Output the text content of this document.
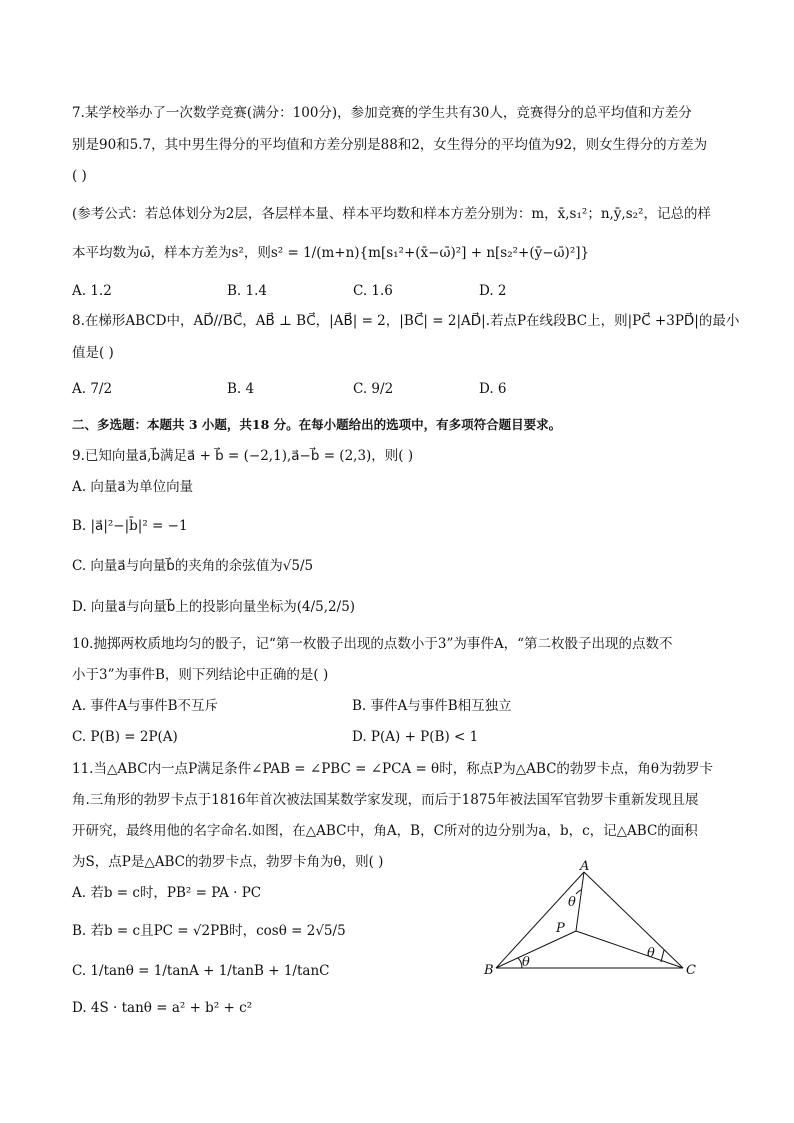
7.某学校举办了一次数学竞赛(满分：100分)，参加竞赛的学生共有30人，竞赛得分的总平均值和方差分
别是90和5.7，其中男生得分的平均值和方差分别是88和2，女生得分的平均值为92，则女生得分的方差为
( )
(参考公式：若总体划分为2层，各层样本量、样本平均数和样本方差分别为：m，x̄,s₁²；n,ȳ,s₂²，记总的样
本平均数为ω̄，样本方差为s²，则s² = 1/(m+n){m[s₁²+(x̄−ω̄)²] + n[s₂²+(ȳ−ω̄)²]}
A. 1.2	B. 1.4	C. 1.6	D. 2
8.在梯形ABCD中，AD⃗//BC⃗，AB⃗ ⊥ BC⃗，|AB⃗| = 2，|BC⃗| = 2|AD⃗|.若点P在线段BC上，则|PC⃗ +3PD⃗|的最小
值是( )
A. 7/2	B. 4	C. 9/2	D. 6
二、多选题：本题共 3 小题，共18 分。在每小题给出的选项中，有多项符合题目要求。
9.已知向量a⃗,b⃗满足a⃗ + b⃗ = (−2,1),a⃗−b⃗ = (2,3)，则( )
A. 向量a⃗为单位向量
B. |a⃗|²−|b̄|² = −1
C. 向量a⃗与向量b⃗的夹角的余弦值为√5/5
D. 向量a⃗与向量b⃗上的投影向量坐标为(4/5,2/5)
10.抛掷两枚质地均匀的骰子，记“第一枚骰子出现的点数小于3”为事件A，“第二枚骰子出现的点数不
小于3”为事件B，则下列结论中正确的是( )
A. 事件A与事件B不互斥	B. 事件A与事件B相互独立
C. P(B) = 2P(A)	D. P(A) + P(B) < 1
11.当△ABC内一点P满足条件∠PAB = ∠PBC = ∠PCA = θ时，称点P为△ABC的勃罗卡点，角θ为勃罗卡
角.三角形的勃罗卡点于1816年首次被法国某数学家发现，而后于1875年被法国军官勃罗卡重新发现且展
开研究，最终用他的名字命名.如图，在△ABC中，角A，B，C所对的边分别为a，b，c，记△ABC的面积
为S，点P是△ABC的勃罗卡点，勃罗卡角为θ，则( )
A. 若b = c时，PB² = PA · PC
B. 若b = c且PC = √2PB时，cosθ = 2√5/5
C. 1/tanθ = 1/tanA + 1/tanB + 1/tanC
D. 4S · tanθ = a² + b² + c²
A
B	C
P
θ
θ
θ
